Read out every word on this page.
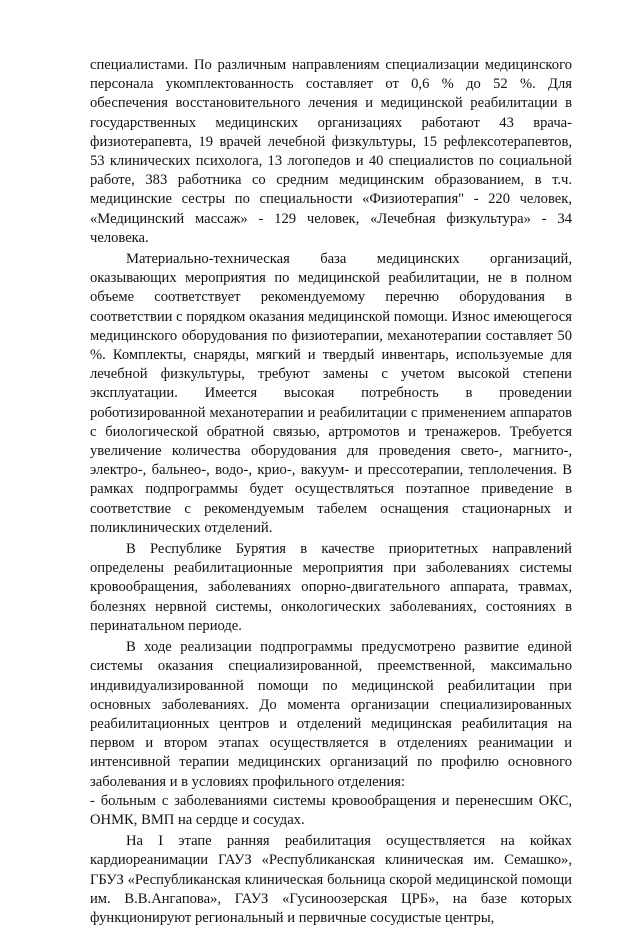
специалистами. По различным направлениям специализации медицинского персонала укомплектованность составляет от 0,6 % до 52 %. Для обеспечения восстановительного лечения и медицинской реабилитации в государственных медицинских организациях работают 43 врача-физиотерапевта, 19 врачей лечебной физкультуры, 15 рефлексотерапевтов, 53 клинических психолога, 13 логопедов и 40 специалистов по социальной работе, 383 работника со средним медицинским образованием, в т.ч. медицинские сестры по специальности «Физиотерапия" - 220 человек, «Медицинский массаж» - 129 человек, «Лечебная физкультура» - 34 человека.

Материально-техническая база медицинских организаций, оказывающих мероприятия по медицинской реабилитации, не в полном объеме соответствует рекомендуемому перечню оборудования в соответствии с порядком оказания медицинской помощи. Износ имеющегося медицинского оборудования по физиотерапии, механотерапии составляет 50 %. Комплекты, снаряды, мягкий и твердый инвентарь, используемые для лечебной физкультуры, требуют замены с учетом высокой степени эксплуатации. Имеется высокая потребность в проведении роботизированной механотерапии и реабилитации с применением аппаратов с биологической обратной связью, артромотов и тренажеров. Требуется увеличение количества оборудования для проведения свето-, магнито-, электро-, бальнео-, водо-, крио-, вакуум- и прессотерапии, теплолечения. В рамках подпрограммы будет осуществляться поэтапное приведение в соответствие с рекомендуемым табелем оснащения стационарных и поликлинических отделений.

В Республике Бурятия в качестве приоритетных направлений определены реабилитационные мероприятия при заболеваниях системы кровообращения, заболеваниях опорно-двигательного аппарата, травмах, болезнях нервной системы, онкологических заболеваниях, состояниях в перинатальном периоде.

В ходе реализации подпрограммы предусмотрено развитие единой системы оказания специализированной, преемственной, максимально индивидуализированной помощи по медицинской реабилитации при основных заболеваниях. До момента организации специализированных реабилитационных центров и отделений медицинская реабилитация на первом и втором этапах осуществляется в отделениях реанимации и интенсивной терапии медицинских организаций по профилю основного заболевания и в условиях профильного отделения:

- больным с заболеваниями системы кровообращения и перенесшим ОКС, ОНМК, ВМП на сердце и сосудах.

На I этапе ранняя реабилитация осуществляется на койках кардиореанимации ГАУЗ «Республиканская клиническая им. Семашко», ГБУЗ «Республиканская клиническая больница скорой медицинской помощи им. В.В.Ангапова», ГАУЗ «Гусиноозерская ЦРБ», на базе которых функционируют региональный и первичные сосудистые центры,
